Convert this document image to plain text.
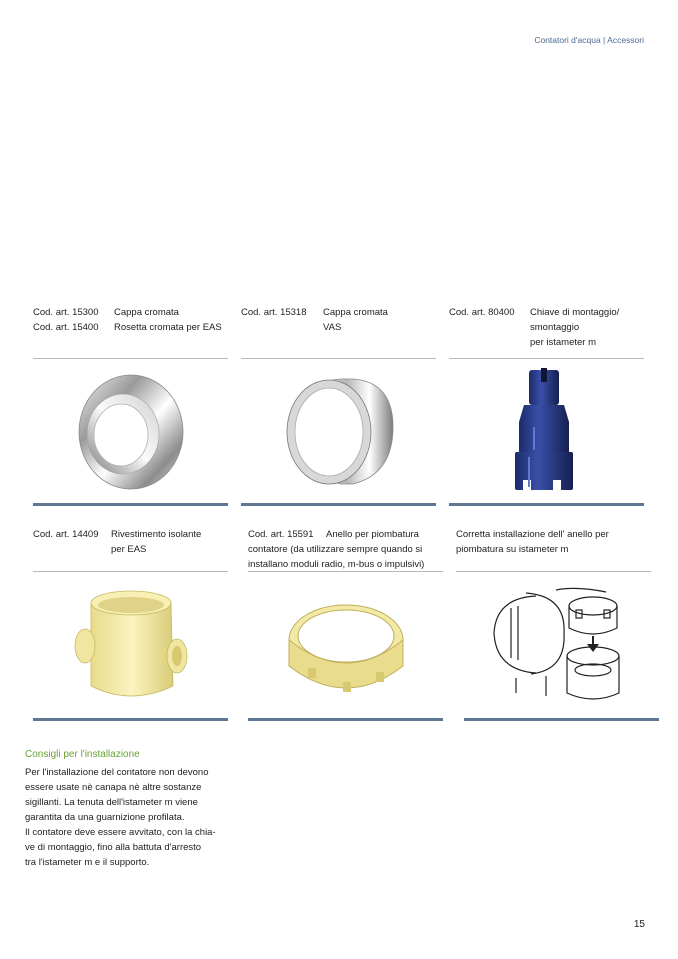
Contatori d'acqua | Accessori
Cod. art. 15300	Cappa cromata
Cod. art. 15400	Rosetta cromata per EAS
Cod. art. 15318	Cappa cromata
VAS
Cod. art. 80400	Chiave di montaggio/
smontaggio
per istameter m
Cod. art. 14409	Rivestimento isolante
per EAS
Cod. art. 15591	Anello per piombatura
contatore (da utilizzare sempre quando si
installano moduli radio, m-bus o impulsivi)
Corretta installazione dell' anello per
piombatura su istameter m
Consigli per l'installazione
Per l'installazione del contatore non devono
essere usate nè canapa nè altre sostanze
sigillanti. La tenuta dell'istameter m viene
garantita da una guarnizione profilata.
Il contatore deve essere avvitato, con la chia-
ve di montaggio, fino alla battuta d'arresto
tra l'istameter m e il supporto.
15
